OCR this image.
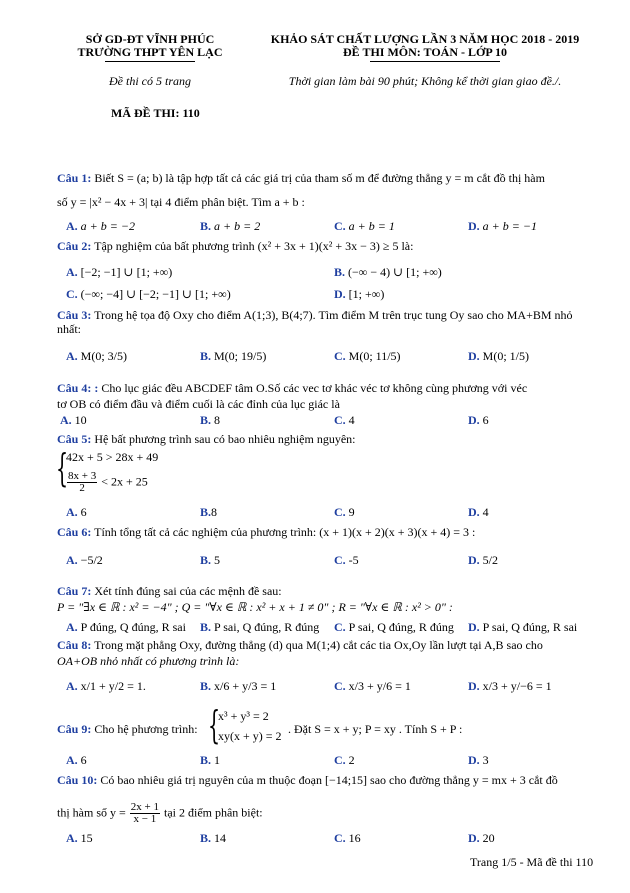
SỞ GD-ĐT VĨNH PHÚC
TRƯỜNG THPT YÊN LẠC
KHẢO SÁT CHẤT LƯỢNG LẦN 3 NĂM HỌC 2018 - 2019
ĐỀ THI MÔN: TOÁN - LỚP 10
Đề thi có 5 trang	Thời gian làm bài 90 phút; Không kể thời gian giao đề./.
MÃ ĐỀ THI: 110
Câu 1: Biết S = (a; b) là tập hợp tất cả các giá trị của tham số m để đường thẳng y = m cắt đồ thị hàm
số y = |x² − 4x + 3| tại 4 điểm phân biệt. Tìm a + b :
A. a + b = −2	B. a + b = 2	C. a + b = 1	D. a + b = −1
Câu 2: Tập nghiệm của bất phương trình (x² + 3x + 1)(x² + 3x − 3) ≥ 5 là:
A. [−2; −1] ∪ [1; +∞)	B. (−∞ − 4) ∪ [1; +∞)
C. (−∞; −4] ∪ [−2; −1] ∪ [1; +∞)	D. [1; +∞)
Câu 3: Trong hệ tọa độ Oxy cho điểm A(1;3), B(4;7). Tìm điểm M trên trục tung Oy sao cho MA+BM nhỏ
nhất:
A. M(0; 3/5)	B. M(0; 19/5)	C. M(0; 11/5)	D. M(0; 1/5)
Câu 4: : Cho lục giác đều ABCDEF tâm O.Số các vec tơ khác véc tơ không cùng phương với véc
tơ OB có điểm đầu và điểm cuối là các đỉnh của lục giác là
A. 10	B. 8	C. 4	D. 6
Câu 5: Hệ bất phương trình sau có bao nhiêu nghiệm nguyên:
{
42x + 5 > 28x + 49
$\frac{8x + 3}{2} < 2x + 25$
A. 6	B.8	C. 9	D. 4
Câu 6: Tính tổng tất cả các nghiệm của phương trình: (x + 1)(x + 2)(x + 3)(x + 4) = 3 :
A. −5/2	B. 5	C. -5	D. 5/2
Câu 7: Xét tính đúng sai của các mệnh đề sau:
P = "∃x ∈ ℝ : x² = −4" ; Q = "∀x ∈ ℝ : x² + x + 1 ≠ 0" ; R = "∀x ∈ ℝ : x² > 0" :
A. P đúng, Q đúng, R sai B. P sai, Q đúng, R đúng C. P sai, Q đúng, R đúng D. P sai, Q đúng, R sai
Câu 8: Trong mặt phẳng Oxy, đường thẳng (d) qua M(1;4) cắt các tia Ox,Oy lần lượt tại A,B sao cho
OA+OB nhỏ nhất có phương trình là:
A. x/1 + y/2 = 1.	B. x/6 + y/3 = 1	C. x/3 + y/6 = 1	D. x/3 + y/−6 = 1
Câu 9: Cho hệ phương trình: {
x³ + y³ = 2
xy(x + y) = 2 . Đặt S = x + y; P = xy . Tính S + P :
A. 6	B. 1	C. 2	D. 3
Câu 10: Có bao nhiêu giá trị nguyên của m thuộc đoạn [−14;15] sao cho đường thẳng y = mx + 3 cắt đồ
thị hàm số $y = \frac{2x + 1}{x - 1}$ tại 2 điểm phân biệt:
A. 15	B. 14	C. 16	D. 20
Trang 1/5 - Mã đề thi 110
